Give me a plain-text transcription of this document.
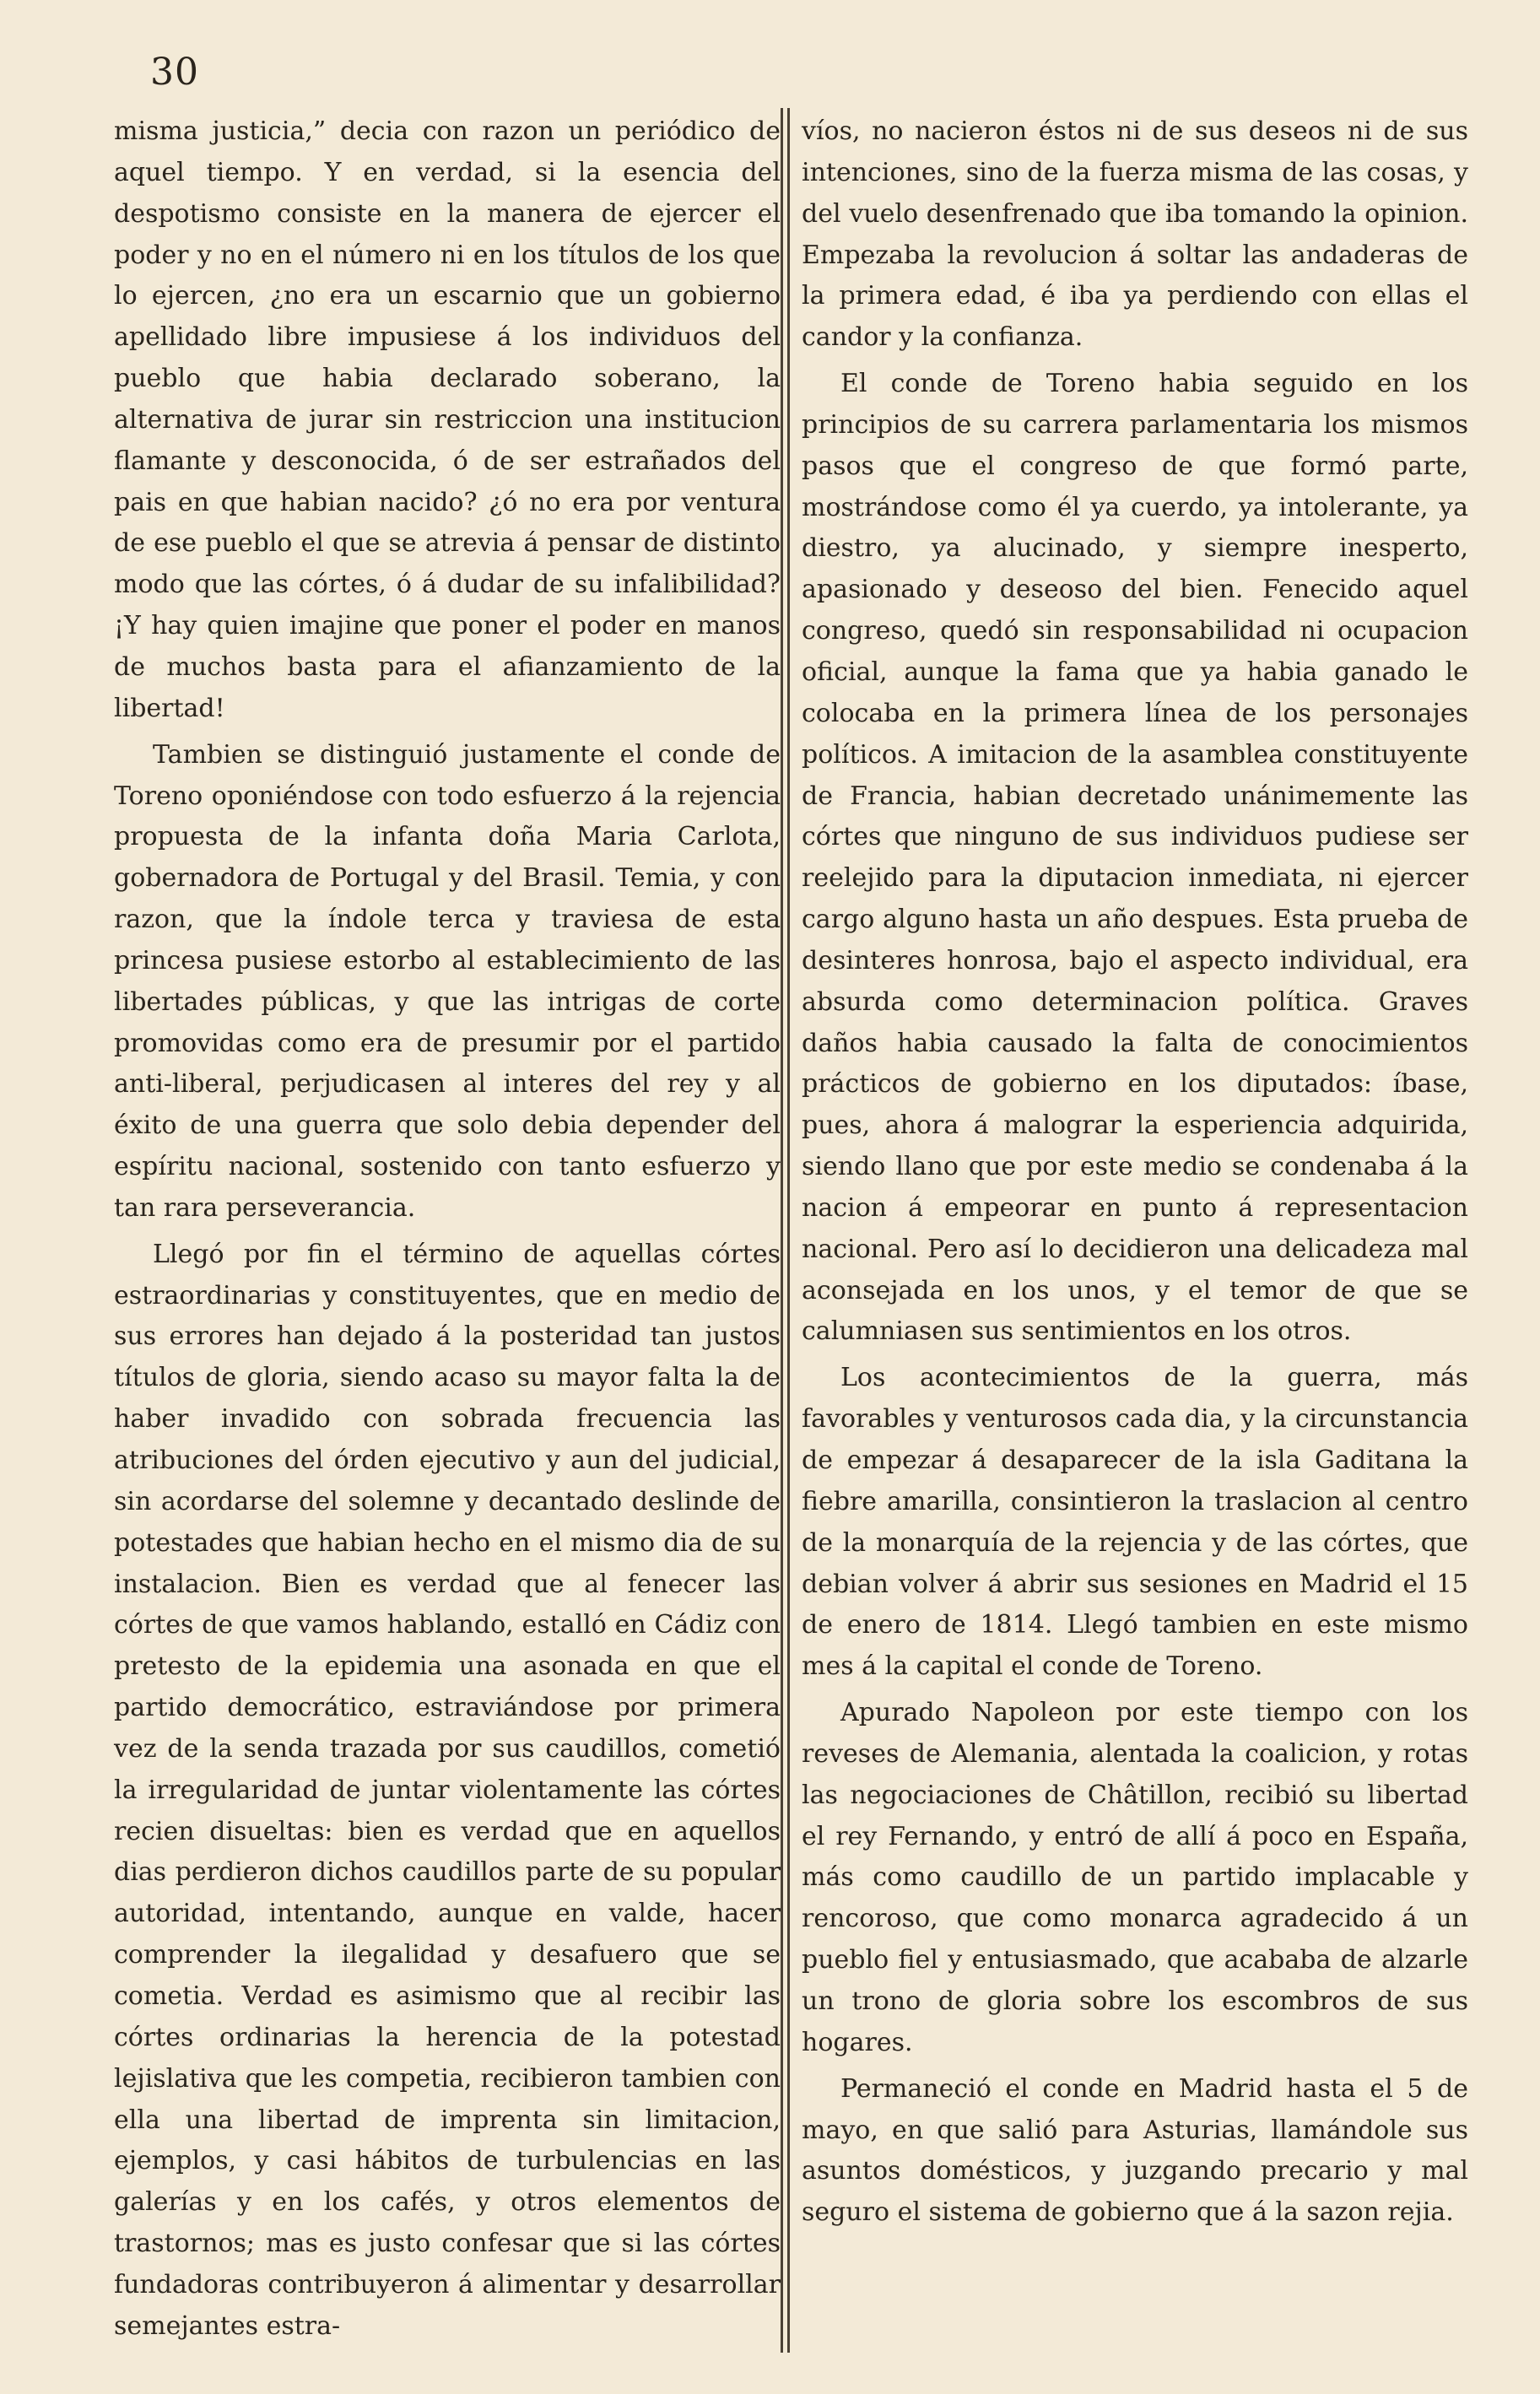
30

misma justicia,” decia con razon un periódico de aquel tiempo. Y en verdad, si la esencia del despotismo consiste en la manera de ejercer el poder y no en el número ni en los títulos de los que lo ejercen, ¿no era un escarnio que un gobierno apellidado libre impusiese á los individuos del pueblo que habia declarado soberano, la alternativa de jurar sin restriccion una institucion flamante y desconocida, ó de ser estrañados del pais en que habian nacido? ¿ó no era por ventura de ese pueblo el que se atrevia á pensar de distinto modo que las córtes, ó á dudar de su infalibilidad? ¡Y hay quien imajine que poner el poder en manos de muchos basta para el afianzamiento de la libertad!

Tambien se distinguió justamente el conde de Toreno oponiéndose con todo esfuerzo á la rejencia propuesta de la infanta doña Maria Carlota, gobernadora de Portugal y del Brasil. Temia, y con razon, que la índole terca y traviesa de esta princesa pusiese estorbo al establecimiento de las libertades públicas, y que las intrigas de corte promovidas como era de presumir por el partido anti-liberal, perjudicasen al interes del rey y al éxito de una guerra que solo debia depender del espíritu nacional, sostenido con tanto esfuerzo y tan rara perseverancia.

Llegó por fin el término de aquellas córtes estraordinarias y constituyentes, que en medio de sus errores han dejado á la posteridad tan justos títulos de gloria, siendo acaso su mayor falta la de haber invadido con sobrada frecuencia las atribuciones del órden ejecutivo y aun del judicial, sin acordarse del solemne y decantado deslinde de potestades que habian hecho en el mismo dia de su instalacion. Bien es verdad que al fenecer las córtes de que vamos hablando, estalló en Cádiz con pretesto de la epidemia una asonada en que el partido democrático, estraviándose por primera vez de la senda trazada por sus caudillos, cometió la irregularidad de juntar violentamente las córtes recien disueltas: bien es verdad que en aquellos dias perdieron dichos caudillos parte de su popular autoridad, intentando, aunque en valde, hacer comprender la ilegalidad y desafuero que se cometia. Verdad es asimismo que al recibir las córtes ordinarias la herencia de la potestad lejislativa que les competia, recibieron tambien con ella una libertad de imprenta sin limitacion, ejemplos, y casi hábitos de turbulencias en las galerías y en los cafés, y otros elementos de trastornos; mas es justo confesar que si las córtes fundadoras contribuyeron á alimentar y desarrollar semejantes estra-

víos, no nacieron éstos ni de sus deseos ni de sus intenciones, sino de la fuerza misma de las cosas, y del vuelo desenfrenado que iba tomando la opinion. Empezaba la revolucion á soltar las andaderas de la primera edad, é iba ya perdiendo con ellas el candor y la confianza.

El conde de Toreno habia seguido en los principios de su carrera parlamentaria los mismos pasos que el congreso de que formó parte, mostrándose como él ya cuerdo, ya intolerante, ya diestro, ya alucinado, y siempre inesperto, apasionado y deseoso del bien. Fenecido aquel congreso, quedó sin responsabilidad ni ocupacion oficial, aunque la fama que ya habia ganado le colocaba en la primera línea de los personajes políticos. A imitacion de la asamblea constituyente de Francia, habian decretado unánimemente las córtes que ninguno de sus individuos pudiese ser reelejido para la diputacion inmediata, ni ejercer cargo alguno hasta un año despues. Esta prueba de desinteres honrosa, bajo el aspecto individual, era absurda como determinacion política. Graves daños habia causado la falta de conocimientos prácticos de gobierno en los diputados: íbase, pues, ahora á malograr la esperiencia adquirida, siendo llano que por este medio se condenaba á la nacion á empeorar en punto á representacion nacional. Pero así lo decidieron una delicadeza mal aconsejada en los unos, y el temor de que se calumniasen sus sentimientos en los otros.

Los acontecimientos de la guerra, más favorables y venturosos cada dia, y la circunstancia de empezar á desaparecer de la isla Gaditana la fiebre amarilla, consintieron la traslacion al centro de la monarquía de la rejencia y de las córtes, que debian volver á abrir sus sesiones en Madrid el 15 de enero de 1814. Llegó tambien en este mismo mes á la capital el conde de Toreno.

Apurado Napoleon por este tiempo con los reveses de Alemania, alentada la coalicion, y rotas las negociaciones de Châtillon, recibió su libertad el rey Fernando, y entró de allí á poco en España, más como caudillo de un partido implacable y rencoroso, que como monarca agradecido á un pueblo fiel y entusiasmado, que acababa de alzarle un trono de gloria sobre los escombros de sus hogares.

Permaneció el conde en Madrid hasta el 5 de mayo, en que salió para Asturias, llamándole sus asuntos domésticos, y juzgando precario y mal seguro el sistema de gobierno que á la sazon rejia.
